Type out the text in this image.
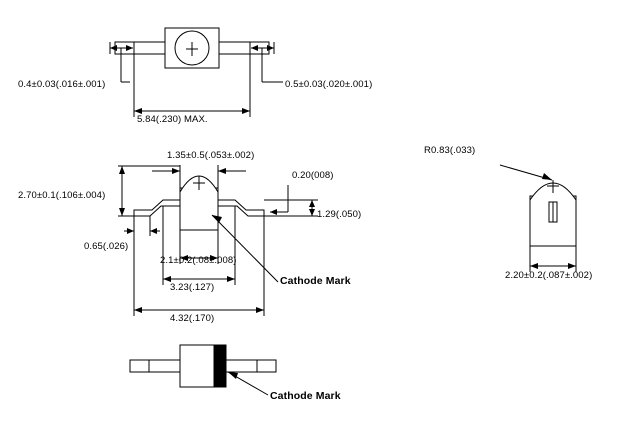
0.4±0.03(.016±.001)	0.5±0.03(.020±.001)
5.84(.230) MAX.
1.35±0.5(.053±.002)
0.20(008)
2.70±0.1(.106±.004)
1.29(.050)
0.65(.026)
2.1±0.2(.08±.008)
3.23(.127)
4.32(.170)
Cathode Mark
R0.83(.033)
2.20±0.2(.087±.002)
Cathode Mark
